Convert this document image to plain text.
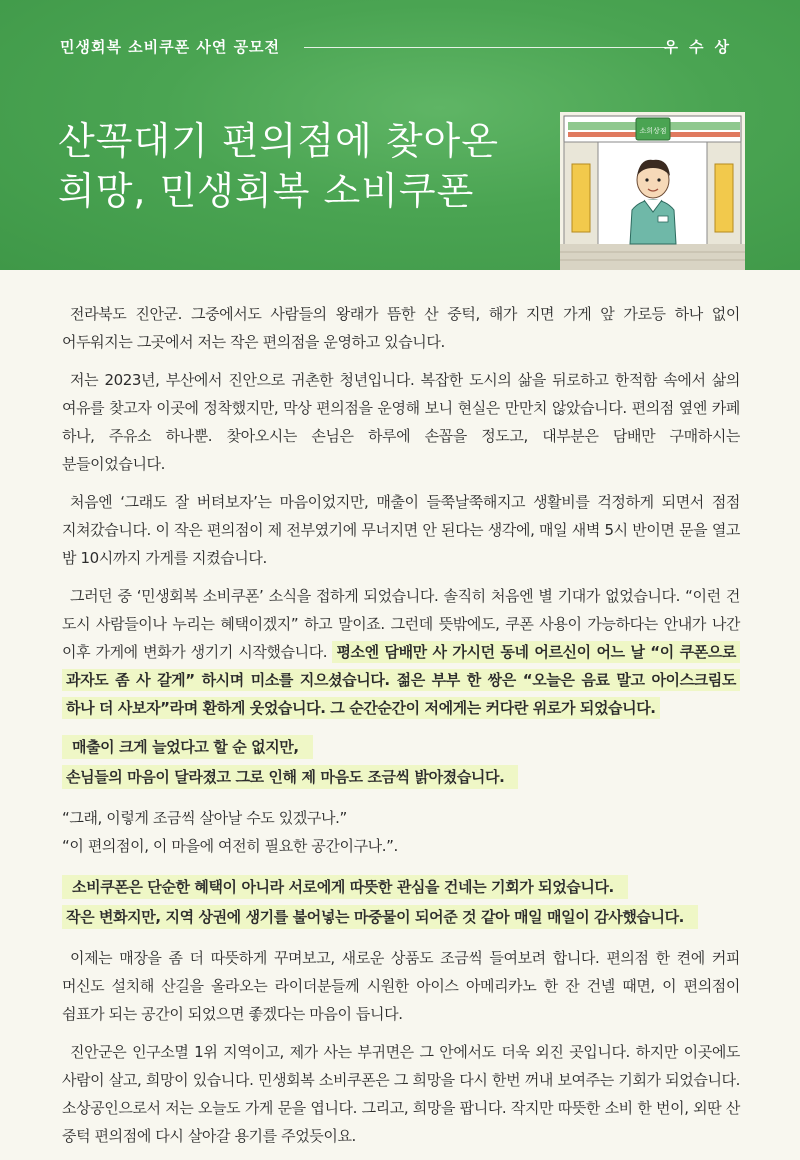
민생회복 소비쿠폰 사연 공모전	우수상
산꼭대기 편의점에 찾아온
희망, 민생회복 소비쿠폰
소희상점

전라북도 진안군. 그중에서도 사람들의 왕래가 뜸한 산 중턱, 해가 지면 가게 앞 가로등 하나 없이 어두워지는 그곳에서 저는 작은 편의점을 운영하고 있습니다.

저는 2023년, 부산에서 진안으로 귀촌한 청년입니다. 복잡한 도시의 삶을 뒤로하고 한적함 속에서 삶의 여유를 찾고자 이곳에 정착했지만, 막상 편의점을 운영해 보니 현실은 만만치 않았습니다. 편의점 옆엔 카페 하나, 주유소 하나뿐. 찾아오시는 손님은 하루에 손꼽을 정도고, 대부분은 담배만 구매하시는 분들이었습니다.

처음엔 ‘그래도 잘 버텨보자’는 마음이었지만, 매출이 들쭉날쭉해지고 생활비를 걱정하게 되면서 점점 지쳐갔습니다. 이 작은 편의점이 제 전부였기에 무너지면 안 된다는 생각에, 매일 새벽 5시 반이면 문을 열고 밤 10시까지 가게를 지켰습니다.

그러던 중 ‘민생회복 소비쿠폰’ 소식을 접하게 되었습니다. 솔직히 처음엔 별 기대가 없었습니다. “이런 건 도시 사람들이나 누리는 혜택이겠지” 하고 말이죠. 그런데 뜻밖에도, 쿠폰 사용이 가능하다는 안내가 나간 이후 가게에 변화가 생기기 시작했습니다. 평소엔 담배만 사 가시던 동네 어르신이 어느 날 “이 쿠폰으로 과자도 좀 사 갈게” 하시며 미소를 지으셨습니다. 젊은 부부 한 쌍은 “오늘은 음료 말고 아이스크림도 하나 더 사보자”라며 환하게 웃었습니다. 그 순간순간이 저에게는 커다란 위로가 되었습니다.

매출이 크게 늘었다고 할 순 없지만,
손님들의 마음이 달라졌고 그로 인해 제 마음도 조금씩 밝아졌습니다.

“그래, 이렇게 조금씩 살아날 수도 있겠구나.”

“이 편의점이, 이 마을에 여전히 필요한 공간이구나.”.

소비쿠폰은 단순한 혜택이 아니라 서로에게 따뜻한 관심을 건네는 기회가 되었습니다.
작은 변화지만, 지역 상권에 생기를 불어넣는 마중물이 되어준 것 같아 매일 매일이 감사했습니다.

이제는 매장을 좀 더 따뜻하게 꾸며보고, 새로운 상품도 조금씩 들여보려 합니다. 편의점 한 켠에 커피 머신도 설치해 산길을 올라오는 라이더분들께 시원한 아이스 아메리카노 한 잔 건넬 때면, 이 편의점이 쉼표가 되는 공간이 되었으면 좋겠다는 마음이 듭니다.

진안군은 인구소멸 1위 지역이고, 제가 사는 부귀면은 그 안에서도 더욱 외진 곳입니다. 하지만 이곳에도 사람이 살고, 희망이 있습니다. 민생회복 소비쿠폰은 그 희망을 다시 한번 꺼내 보여주는 기회가 되었습니다. 소상공인으로서 저는 오늘도 가게 문을 엽니다. 그리고, 희망을 팝니다. 작지만 따뜻한 소비 한 번이, 외딴 산 중턱 편의점에 다시 살아갈 용기를 주었듯이요.
